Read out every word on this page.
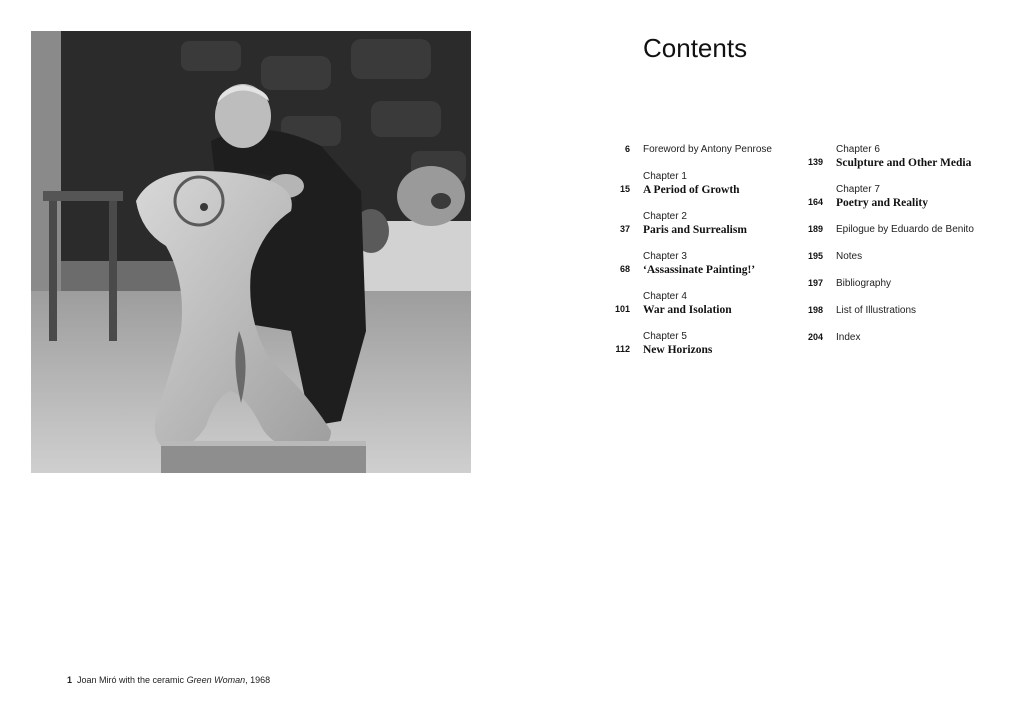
1 Joan Miró with the ceramic Green Woman, 1968
Contents
6 Foreword by Antony Penrose
15
Chapter 1
A Period of Growth
37
Chapter 2
Paris and Surrealism
68
Chapter 3
‘Assassinate Painting!’
101
Chapter 4
War and Isolation
112
Chapter 5
New Horizons
139
Chapter 6
Sculpture and Other Media
164
Chapter 7
Poetry and Reality
189 Epilogue by Eduardo de Benito
195 Notes
197 Bibliography
198 List of Illustrations
204 Index
